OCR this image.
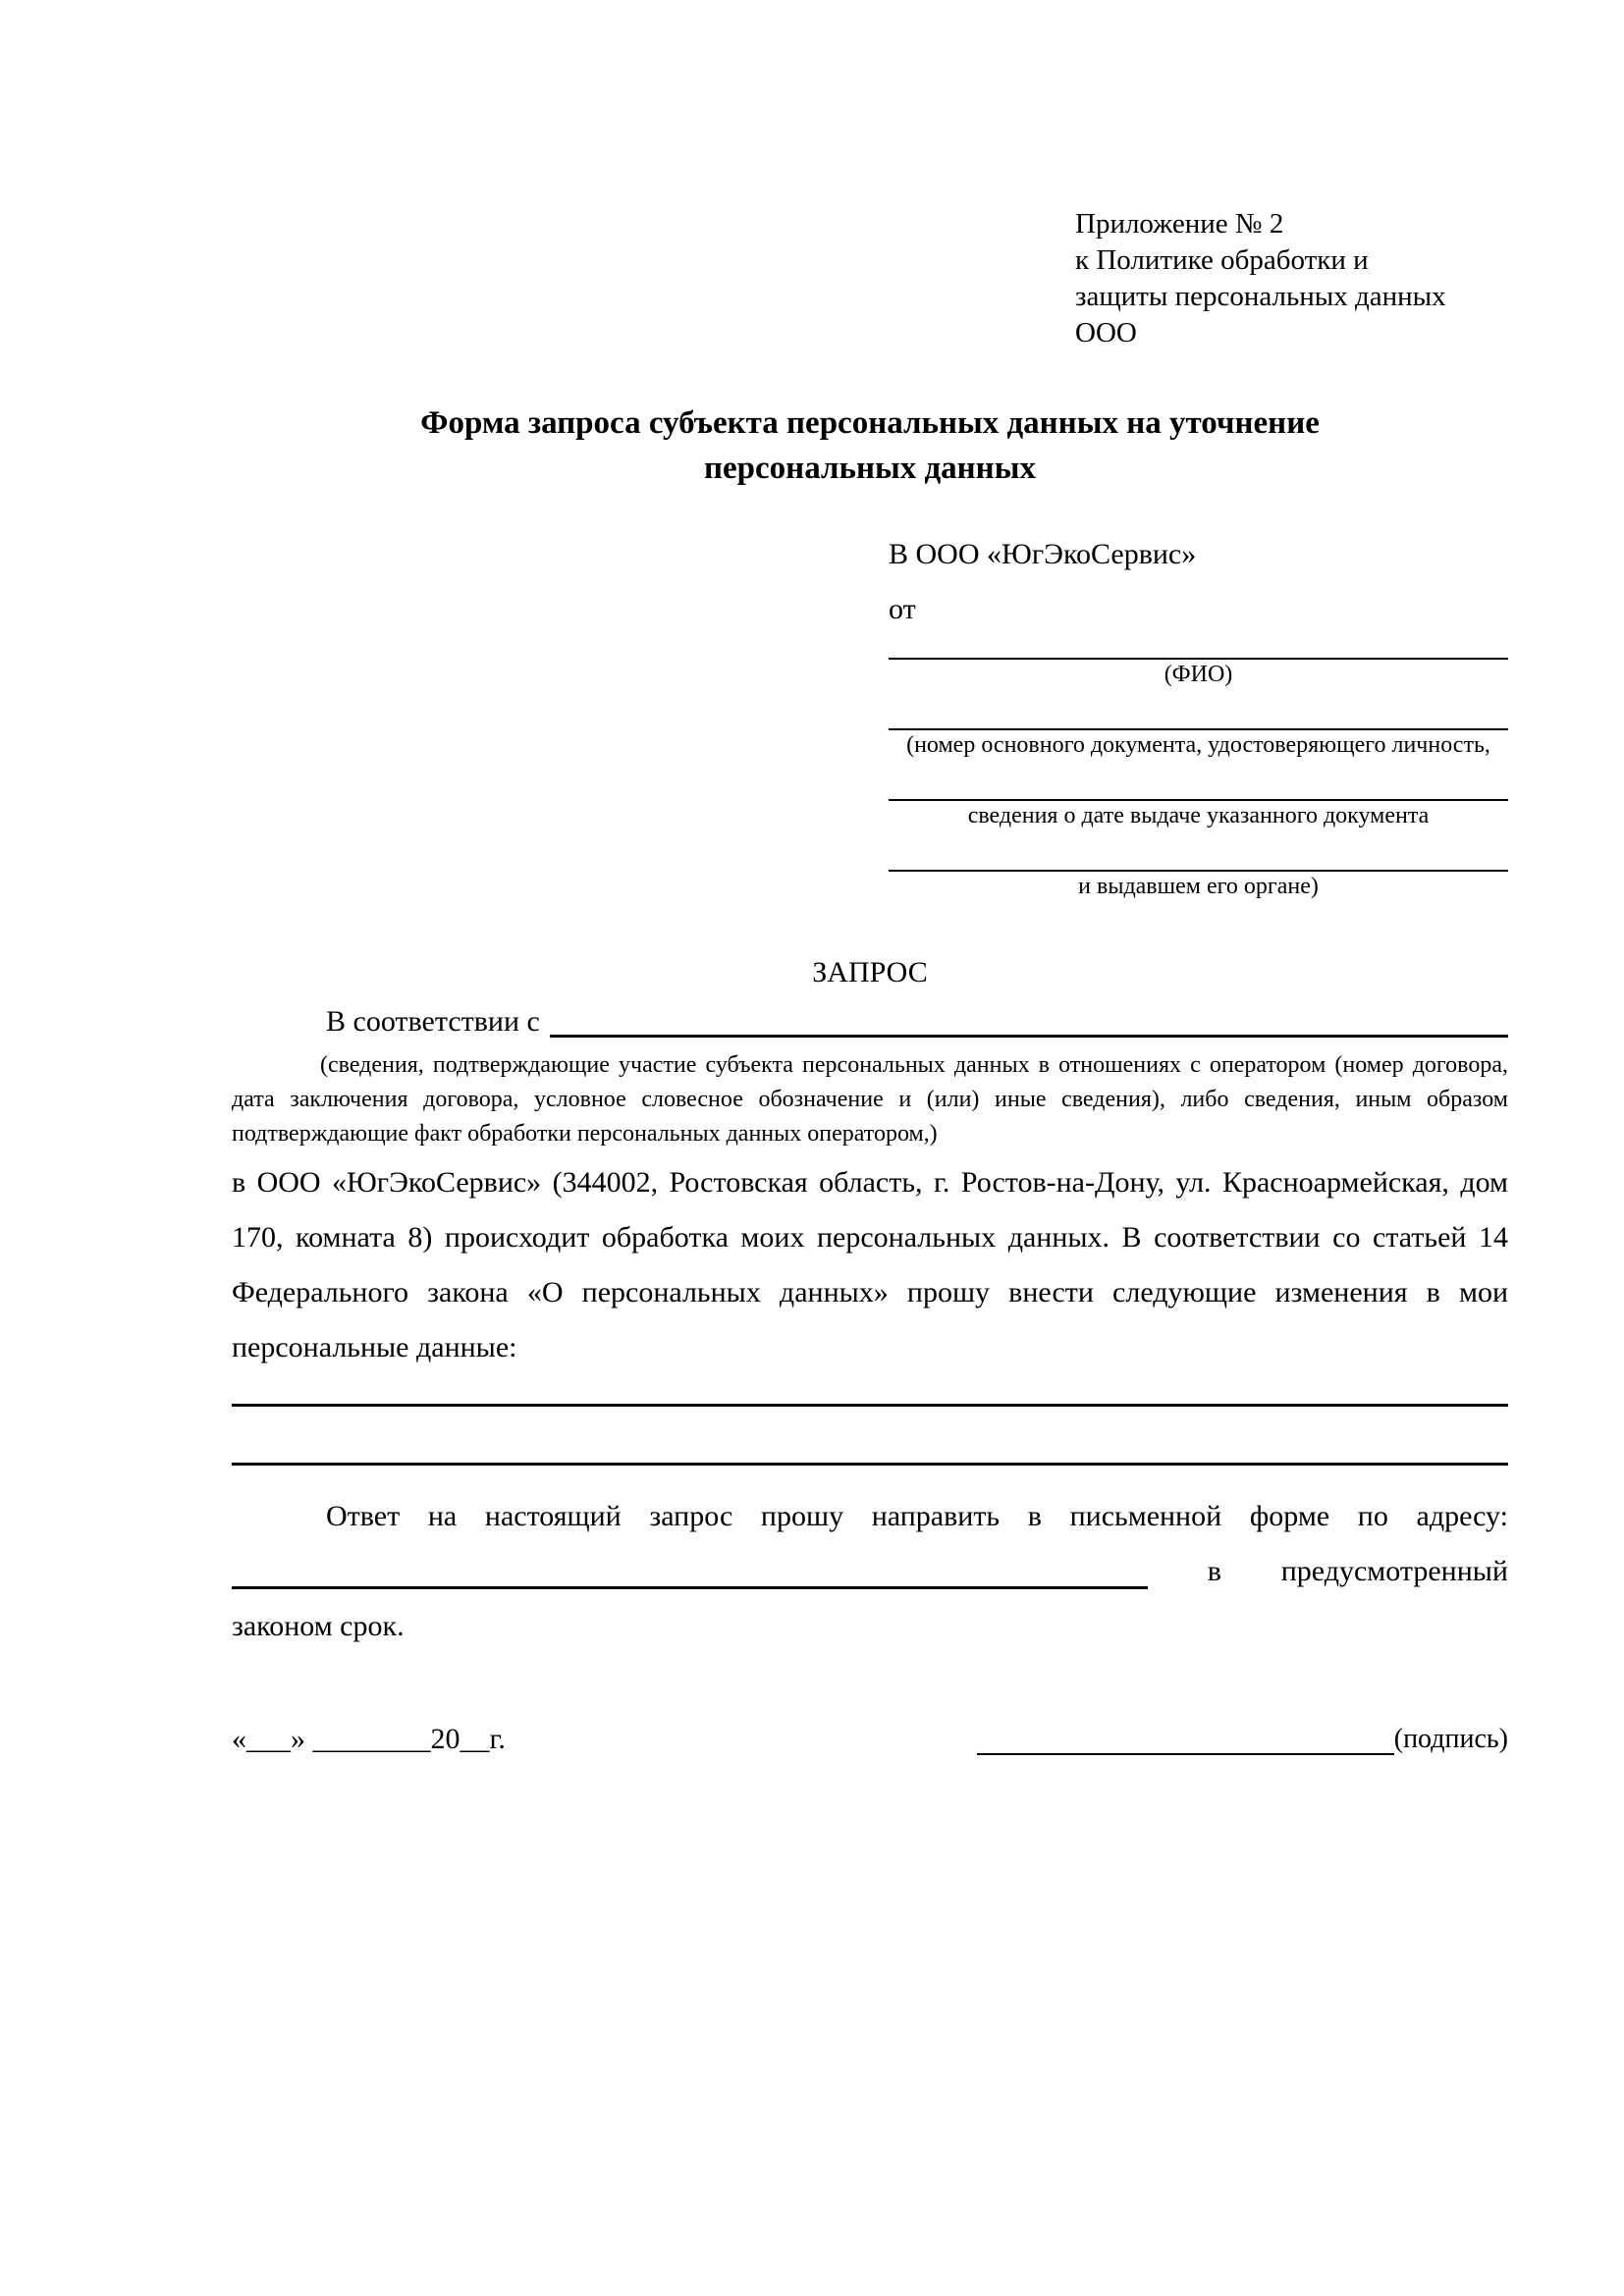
Приложение № 2
к Политике обработки и
защиты персональных данных
ООО
Форма запроса субъекта персональных данных на уточнение персональных данных
В ООО «ЮгЭкоСервис»
от
(ФИО)
(номер основного документа, удостоверяющего личность,
сведения о дате выдаче указанного документа
и выдавшем его органе)
ЗАПРОС
В соответствии с
(сведения, подтверждающие участие субъекта персональных данных в отношениях с оператором (номер договора, дата заключения договора, условное словесное обозначение и (или) иные сведения), либо сведения, иным образом подтверждающие факт обработки персональных данных оператором,)
в ООО «ЮгЭкоСервис» (344002, Ростовская область, г. Ростов-на-Дону, ул. Красноармейская, дом 170, комната 8) происходит обработка моих персональных данных. В соответствии со статьей 14 Федерального закона «О персональных данных» прошу внести следующие изменения в мои персональные данные:
Ответ на настоящий запрос прошу направить в письменной форме по адресу:
в предусмотренный
законом срок.
«___» ________20__г.	(подпись)
